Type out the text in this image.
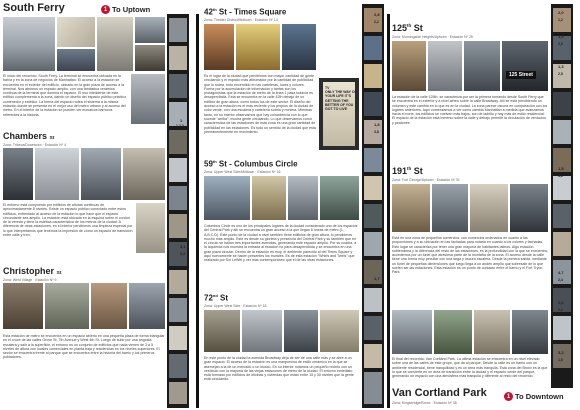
South Ferry	1 To Uptown
El inicio del recorrido: South Ferry. La terminal se encuentra ubicada en la bahía y en la zona de negocios de Manhattan. El acceso a la estación se encuentra en el exterior del edificio, ubicado en la gran plaza de acceso a la terminal. Nos abrimos un espacio amplio, con una fantástica cerámica continúa de la terminal que domina el espacio. El uso intelidente de este edificio complementa a la zona, dando un diseño del espacio público práctico, contenedor y estético. La forma del espacio rodea el sistema a la misma estación donde se presenta en el mejor uso del metro urbano y al acceso del metro. En el interior de la estación se pueden ver mosaicos barrocos referentes a la historia.
Chambers St
Zona: Tribeca/Downtown · Estación Nº 4
El entorno está compuesto por edificios de alturas continuas de aproximadamente 8 niveles. Existe un espacio público conectado entre estos edificios, enfrentado al acceso de la estación lo que hace que el espacio circundante sea amplio. La estación está ubicada en la esquina sobre el cordón de la vereda y tiene la estética característica de los metros de la ciudad. A diferencia de otras estaciones, en el interior percibimos una limpieza especial por lo que interpretamos que tenemos la impresión de cómo un espacio de transición entre calle y tren.
Christopher St
Zona: West Village · Estación Nº 9
Esta estación de metro se encuentra en un espacio abierto en una pequeña plaza de forma triangular en el cruce de las calles Grove St, 7th Avenue y West 4th St. Luego de subir por una angosta escalera y salir a la superficie, el entorno es un conjunto de edificios que nada vienen de 3 a 5 niveles de altura con locales comerciales en planta baja y residencias en los niveles superiores. El sector se encuentra frente al parque que se encuentra entre la historia del barrio y los primeros pobladores.
1
1,2,3
3,1
3,4
42th St - Times Square
Zona: Theater District/Midtown · Estación Nº 14
Es el lugar de la ciudad que percibimos con mayor cantidad de gente circulando y el espacio más abrumador por la cantidad de publicidad que lo rodea, todo encendido en las carteleras, luces y colores. Forma por la acumulación de información y tantas son los protagonistas que la estación de metro de la línea 1 pasa todavía es desapercibida. Esta se encuentra en la calle 42th debajo de un edificio de gran altura, como todos los de este sector. El diseño del acceso a la estación es el más reciente y los propios de la ciudad de color verde, con una escalera y cartelería sobria y mínima. Mientras tanto, en su interior observamos que hay coincidencia con lo que sucede "arriba": mucha gente circulando. Lo que observamos como característica de las estaciones de esta zona es una gran cantidad de publicidad en las estaciones. Es todo un sentido de la ciudad que está permanentemente en movimiento.
TV
ONLY THE WAY OF
YOUR LIFE IT'S
GETTING THE
BETTER OF YOU
GOT TO LIVE
59th St - Columbus Circle
Zona: Upper West Side/Midtown · Estación Nº 16
Columbus Circle es uno de los principales lugares de la ciudad considerado uno de los espacios del Central Park y allí se encuentra un gran acceso a la que llegan 6 líneas de metro (1, A,B,C,D). Este punto de la ciudad a nivel también tiene edificios de gran altura, lo percibimos mucho más amplio. Este es desde su glorieta y presencia del Central Park y su también que en el círculo se hallan tres importantes avenidas, generando este espacio amplio. Por su cuadra, a la izquierda nos muestra la entrada al estación no para desapercibida y se encuentra en una gran plaza circular. Dentro de la estación es muy, el ambiente parecido al del Times Square y aquí nuevamente se hacen presentes los murales. Es de esta estación "Whirls and Twirls" que realizado por Sol LeWitt y ver más contemporáneo que el de las otras estaciones.
72nd St
Zona: Upper West Side · Estación Nº 18
En este punto de la ciudad la avenida Broadway deja de ser de una calle más y se abre a un gran espacio. El acceso de la estación es una marquesina de estilo cerámico en la que se asemejan a la de un mercado o un kiosco. En su interior notamos un pequeño recinto con un vestíbulo con la mayoría de las viejas estaciones de metro de la ciudad. El entorno inmediato está formado por edificios de oficinas y viviendas que están entre 15 y 30 niveles que la gente está circulando.
2,8
2,2
1,8
3,8
1,7
1,2
125th St
Zona: Morningside Heights/Uptown · Estación Nº 25
125 Street
La estación de la calle 125th, se caracteriza por ser la primera tomando desde South Ferry que se encuentra en el exterior y a nivel aéreo sobre la calle Broadway. Allí se está percibiendo un volumen y este cambia en lo que es en la ciudad. La zona parece oscura en comparación con los lugares anteriores. Aquí comenzamos a ver cómo cambia Manhattan a medida que avanzamos hacia el norte, los edificios se vuelven más bajos, son de ladrillo y hay más de estilo residencial. El espacio de la estación está inmerso sobre la calle y debajo permite la circulación de vehículos y peatones.
191th St
Zona: Fort George/Uptown · Estación Nº 31
Está en una zona de pequeños comercios, con comercios ordenados en cuanto a las proporciones y a su ubicación en las fachadas para notarla en cuanto a los colores y fachadas. Esto lugar se caracteriza por tener una gran mayoría de habitantes latinos. Algo estación subterránea y la diferencia del resto de las estaciones, es la profundidad con la que se encuentra, accedemos por un túnel que atraviesa parte de la montaña de la zona. El acceso desde la calle tiene una forma muy peculiar con una larga y oscura escalera. Desde la primera salida, mediante un túnel de pequeñas dimensiones que luego llega a un andén amplio que sobresale de lo que suelen ser las estaciones. Esta estación es un punto de contacto entre el barrio y el Fort Tryon Park.
El final del recorrido: Van Cortland Park. La última estación se encuentra en un nivel elevado sobre una de las calles de este grupo, que da al parque. Desde la calle es un barrio con un ambiente residencial, tiene tranquilidad y es un área más tranquila. Esta zona del Bronx es la que lo que se convierte en un área de transición entre la ciudad y el espacio verde del parque, generando un espacio con una atmósfera más tranquila y diferente al resto del recorrido.
Van Cortland Park
Zona: Kingsbridge/Bronx · Estación Nº 38
1 To Downtown
2,0
1,2
1,0
2,3
1,3
2,5
1,5
4,6
4,7
2,4
2,6
2,1
3,2
1,5
